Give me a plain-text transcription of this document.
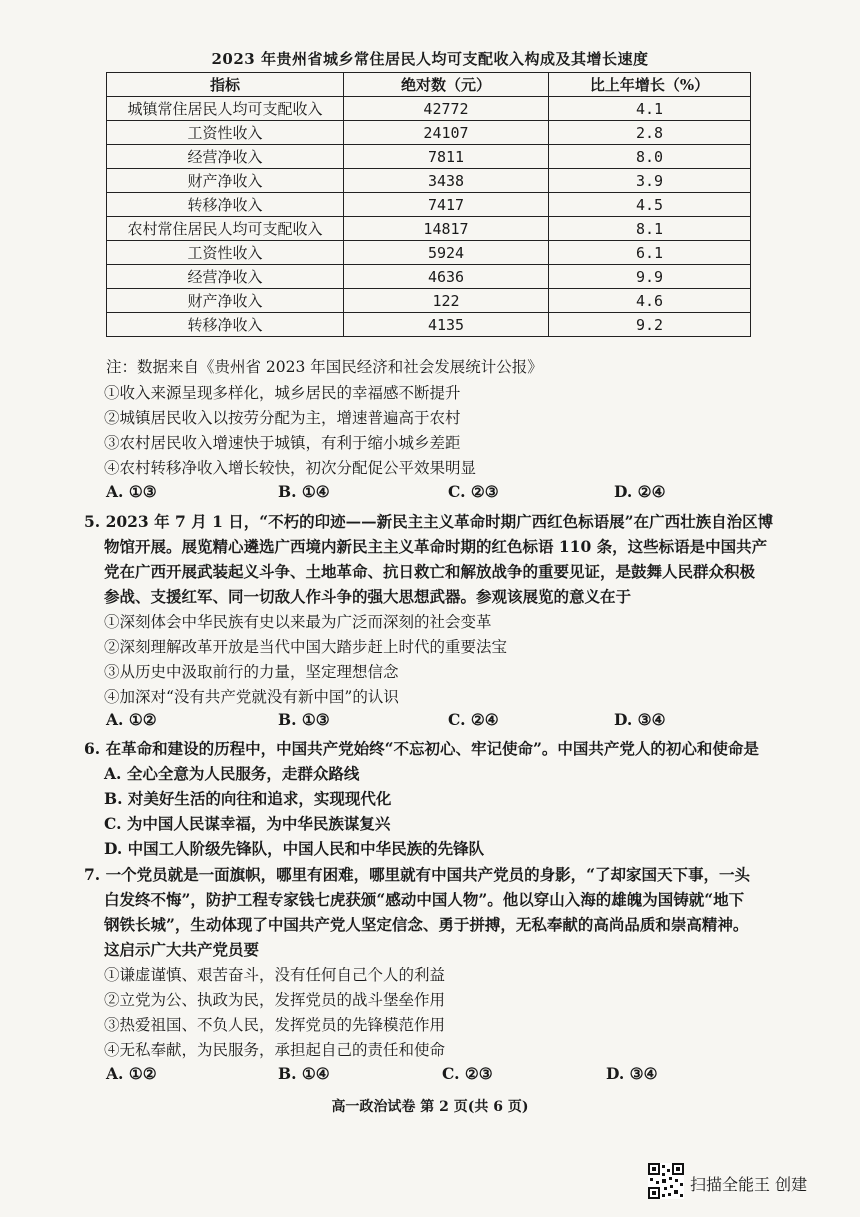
2023 年贵州省城乡常住居民人均可支配收入构成及其增长速度
指标	绝对数（元）	比上年增长（%）
城镇常住居民人均可支配收入	42772	4.1
工资性收入	24107	2.8
经营净收入	7811	8.0
财产净收入	3438	3.9
转移净收入	7417	4.5
农村常住居民人均可支配收入	14817	8.1
工资性收入	5924	6.1
经营净收入	4636	9.9
财产净收入	122	4.6
转移净收入	4135	9.2
注：数据来自《贵州省 2023 年国民经济和社会发展统计公报》
①收入来源呈现多样化，城乡居民的幸福感不断提升
②城镇居民收入以按劳分配为主，增速普遍高于农村
③农村居民收入增速快于城镇，有利于缩小城乡差距
④农村转移净收入增长较快，初次分配促公平效果明显
A. ①③	B. ①④	C. ②③	D. ②④
5. 2023 年 7 月 1 日，“不朽的印迹——新民主主义革命时期广西红色标语展”在广西壮族自治区博
物馆开展。展览精心遴选广西境内新民主主义革命时期的红色标语 110 条，这些标语是中国共产
党在广西开展武装起义斗争、土地革命、抗日救亡和解放战争的重要见证，是鼓舞人民群众积极
参战、支援红军、同一切敌人作斗争的强大思想武器。参观该展览的意义在于
①深刻体会中华民族有史以来最为广泛而深刻的社会变革
②深刻理解改革开放是当代中国大踏步赶上时代的重要法宝
③从历史中汲取前行的力量，坚定理想信念
④加深对“没有共产党就没有新中国”的认识
A. ①②	B. ①③	C. ②④	D. ③④
6. 在革命和建设的历程中，中国共产党始终“不忘初心、牢记使命”。中国共产党人的初心和使命是
A. 全心全意为人民服务，走群众路线
B. 对美好生活的向往和追求，实现现代化
C. 为中国人民谋幸福，为中华民族谋复兴
D. 中国工人阶级先锋队，中国人民和中华民族的先锋队
7. 一个党员就是一面旗帜，哪里有困难，哪里就有中国共产党员的身影，“了却家国天下事，一头
白发终不悔”，防护工程专家钱七虎获颁“感动中国人物”。他以穿山入海的雄魄为国铸就“地下
钢铁长城”，生动体现了中国共产党人坚定信念、勇于拼搏，无私奉献的高尚品质和崇高精神。
这启示广大共产党员要
①谦虚谨慎、艰苦奋斗，没有任何自己个人的利益
②立党为公、执政为民，发挥党员的战斗堡垒作用
③热爱祖国、不负人民，发挥党员的先锋模范作用
④无私奉献，为民服务，承担起自己的责任和使命
A. ①②	B. ①④	C. ②③	D. ③④
高一政治试卷 第 2 页(共 6 页)
扫描全能王 创建
